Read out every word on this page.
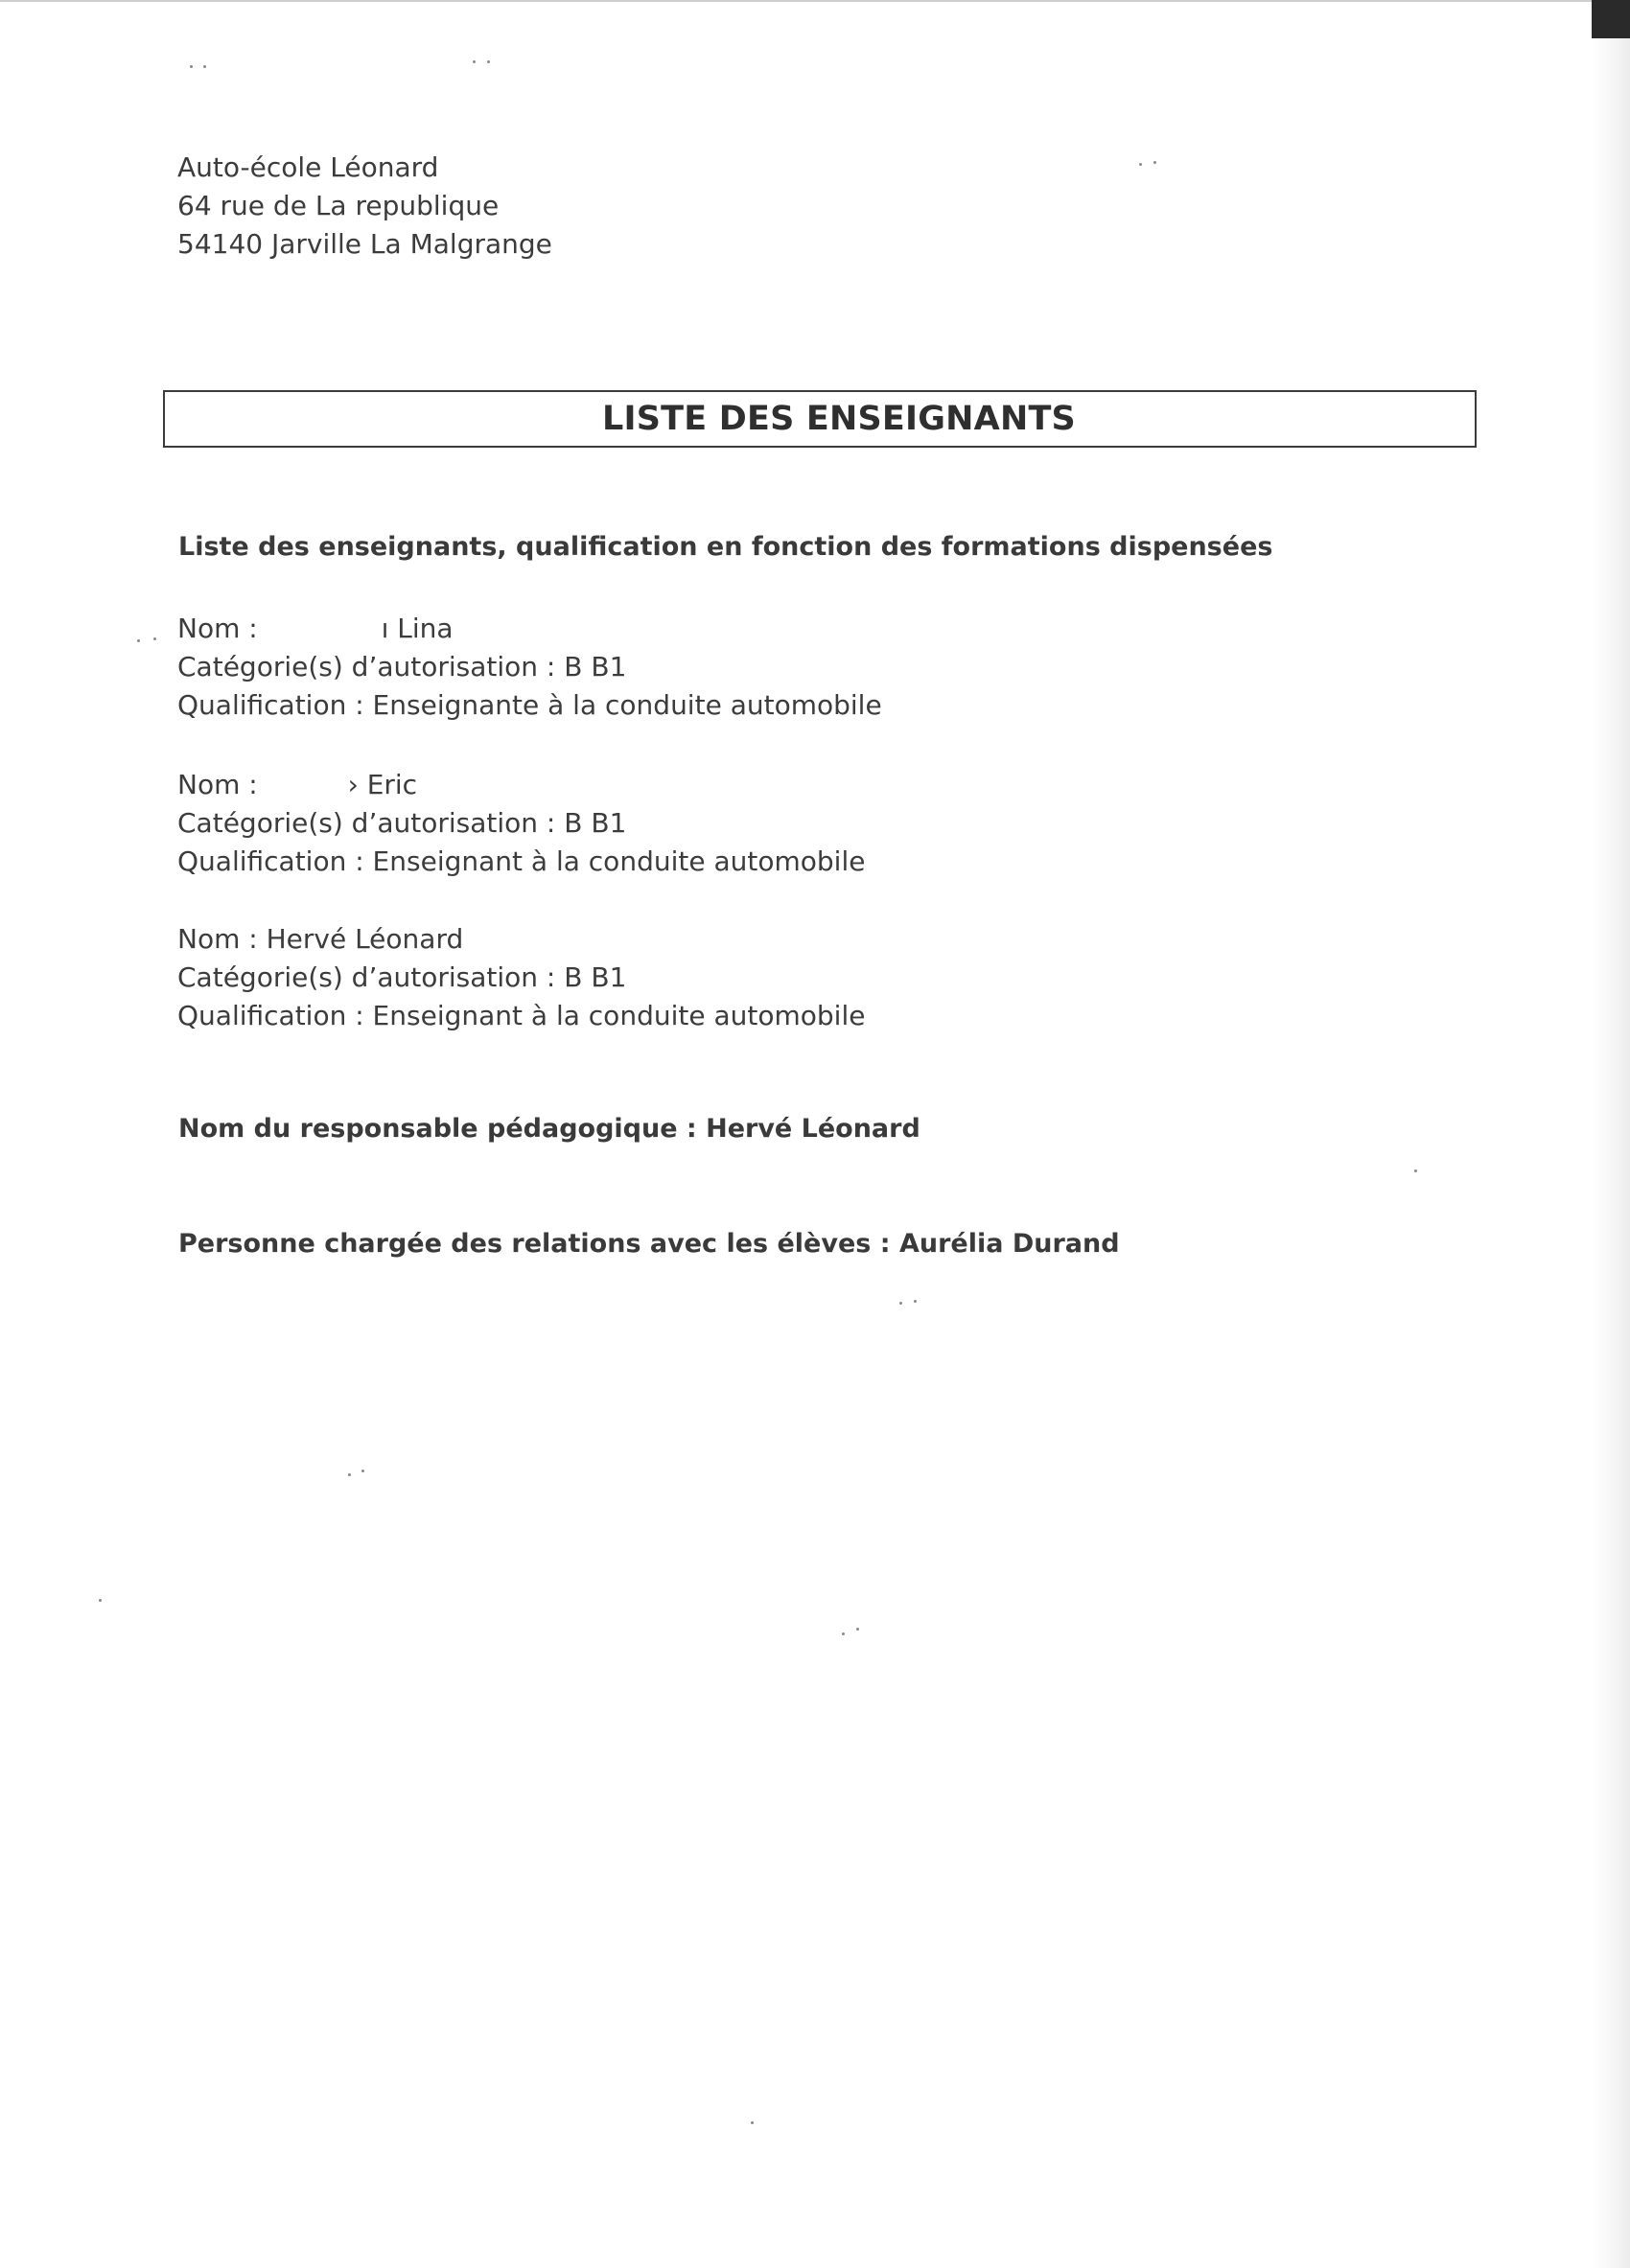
Auto-école Léonard
64 rue de La republique
54140 Jarville La Malgrange
LISTE DES ENSEIGNANTS
Liste des enseignants, qualification en fonction des formations dispensées
Nom :	ı Lina
Catégorie(s) d’autorisation : B B1
Qualification : Enseignante à la conduite automobile
Nom :	› Eric
Catégorie(s) d’autorisation : B B1
Qualification : Enseignant à la conduite automobile
Nom : Hervé Léonard
Catégorie(s) d’autorisation : B B1
Qualification : Enseignant à la conduite automobile
Nom du responsable pédagogique : Hervé Léonard
Personne chargée des relations avec les élèves : Aurélia Durand
